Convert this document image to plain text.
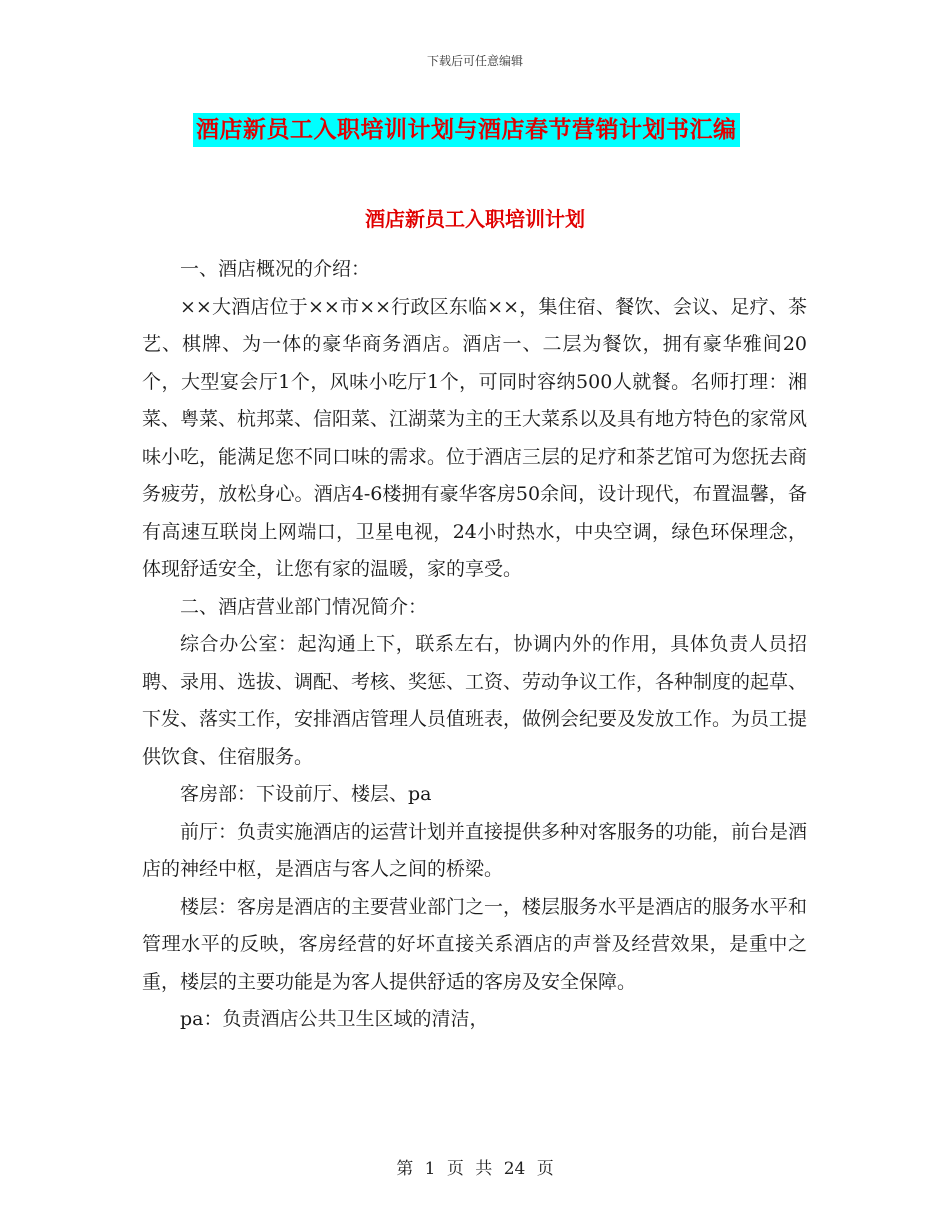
下载后可任意编辑
酒店新员工入职培训计划与酒店春节营销计划书汇编
酒店新员工入职培训计划

一、酒店概况的介绍：

××大酒店位于××市××行政区东临××，集住宿、餐饮、会议、足疗、茶艺、棋牌、为一体的豪华商务酒店。酒店一、二层为餐饮，拥有豪华雅间20个，大型宴会厅1个，风味小吃厅1个，可同时容纳500人就餐。名师打理：湘菜、粤菜、杭邦菜、信阳菜、江湖菜为主的王大菜系以及具有地方特色的家常风味小吃，能满足您不同口味的需求。位于酒店三层的足疗和茶艺馆可为您抚去商务疲劳，放松身心。酒店4-6楼拥有豪华客房50余间，设计现代，布置温馨，备有高速互联岗上网端口，卫星电视，24小时热水，中央空调，绿色环保理念，体现舒适安全，让您有家的温暖，家的享受。

二、酒店营业部门情况简介：

综合办公室：起沟通上下，联系左右，协调内外的作用，具体负责人员招聘、录用、选拔、调配、考核、奖惩、工资、劳动争议工作，各种制度的起草、下发、落实工作，安排酒店管理人员值班表，做例会纪要及发放工作。为员工提供饮食、住宿服务。

客房部：下设前厅、楼层、pa

前厅：负责实施酒店的运营计划并直接提供多种对客服务的功能，前台是酒店的神经中枢，是酒店与客人之间的桥梁。

楼层：客房是酒店的主要营业部门之一，楼层服务水平是酒店的服务水平和管理水平的反映，客房经营的好坏直接关系酒店的声誉及经营效果，是重中之重，楼层的主要功能是为客人提供舒适的客房及安全保障。

pa：负责酒店公共卫生区域的清洁，

第 1 页 共 24 页
